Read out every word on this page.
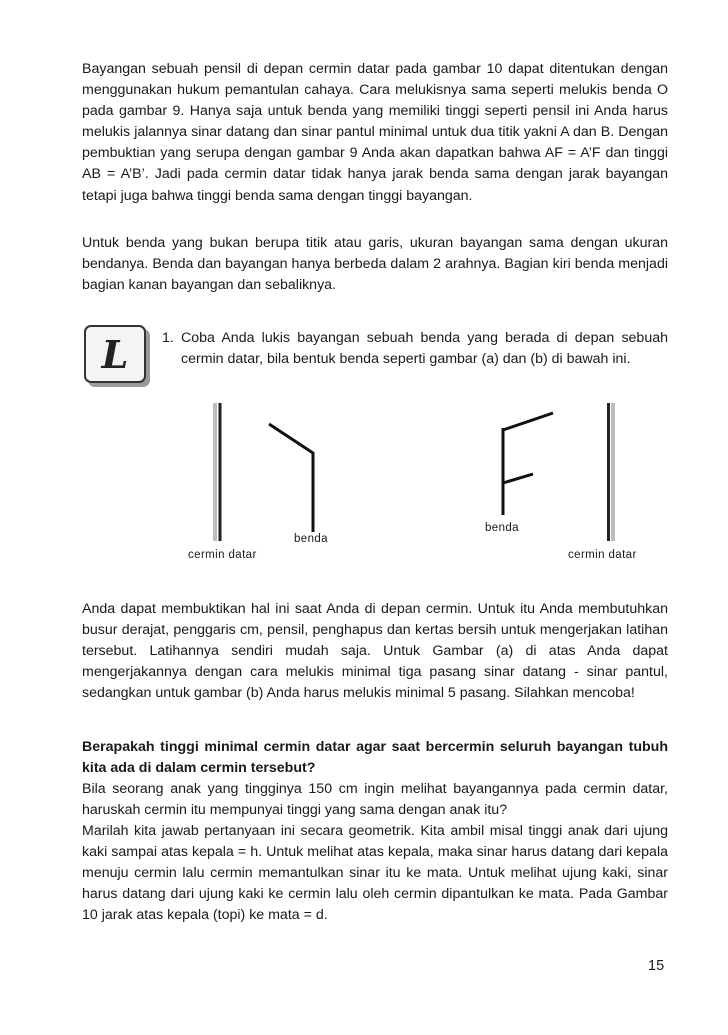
Bayangan sebuah pensil di depan cermin datar pada gambar 10 dapat ditentukan dengan menggunakan hukum pemantulan cahaya. Cara melukisnya sama seperti melukis benda O pada gambar 9. Hanya saja untuk benda yang memiliki tinggi seperti pensil ini Anda harus melukis jalannya sinar datang dan sinar pantul minimal untuk dua titik yakni A dan B. Dengan pembuktian yang serupa dengan gambar 9 Anda akan dapatkan bahwa AF = A’F dan tinggi AB = A’B’. Jadi pada cermin datar tidak hanya jarak benda sama dengan jarak bayangan tetapi juga bahwa tinggi benda sama dengan tinggi bayangan.

Untuk benda yang bukan berupa titik atau garis, ukuran bayangan sama dengan ukuran bendanya. Benda dan bayangan hanya berbeda dalam 2 arahnya. Bagian kiri benda menjadi bagian kanan bayangan dan sebaliknya.

L 1. Coba Anda lukis bayangan sebuah benda yang berada di depan sebuah cermin datar, bila bentuk benda seperti gambar (a) dan (b) di bawah ini.
benda
cermin datar
benda
cermin datar

Anda dapat membuktikan hal ini saat Anda di depan cermin. Untuk itu Anda membutuhkan busur derajat, penggaris cm, pensil, penghapus dan kertas bersih untuk mengerjakan latihan tersebut. Latihannya sendiri mudah saja. Untuk Gambar (a) di atas Anda dapat mengerjakannya dengan cara melukis minimal tiga pasang sinar datang - sinar pantul, sedangkan untuk gambar (b) Anda harus melukis minimal 5 pasang. Silahkan mencoba!

Berapakah tinggi minimal cermin datar agar saat bercermin seluruh bayangan tubuh kita ada di dalam cermin tersebut?

Bila seorang anak yang tingginya 150 cm ingin melihat bayangannya pada cermin datar, haruskah cermin itu mempunyai tinggi yang sama dengan anak itu?

Marilah kita jawab pertanyaan ini secara geometrik. Kita ambil misal tinggi anak dari ujung kaki sampai atas kepala = h. Untuk melihat atas kepala, maka sinar harus datang dari kepala menuju cermin lalu cermin memantulkan sinar itu ke mata. Untuk melihat ujung kaki, sinar harus datang dari ujung kaki ke cermin lalu oleh cermin dipantulkan ke mata. Pada Gambar 10 jarak atas kepala (topi) ke mata = d.

15
